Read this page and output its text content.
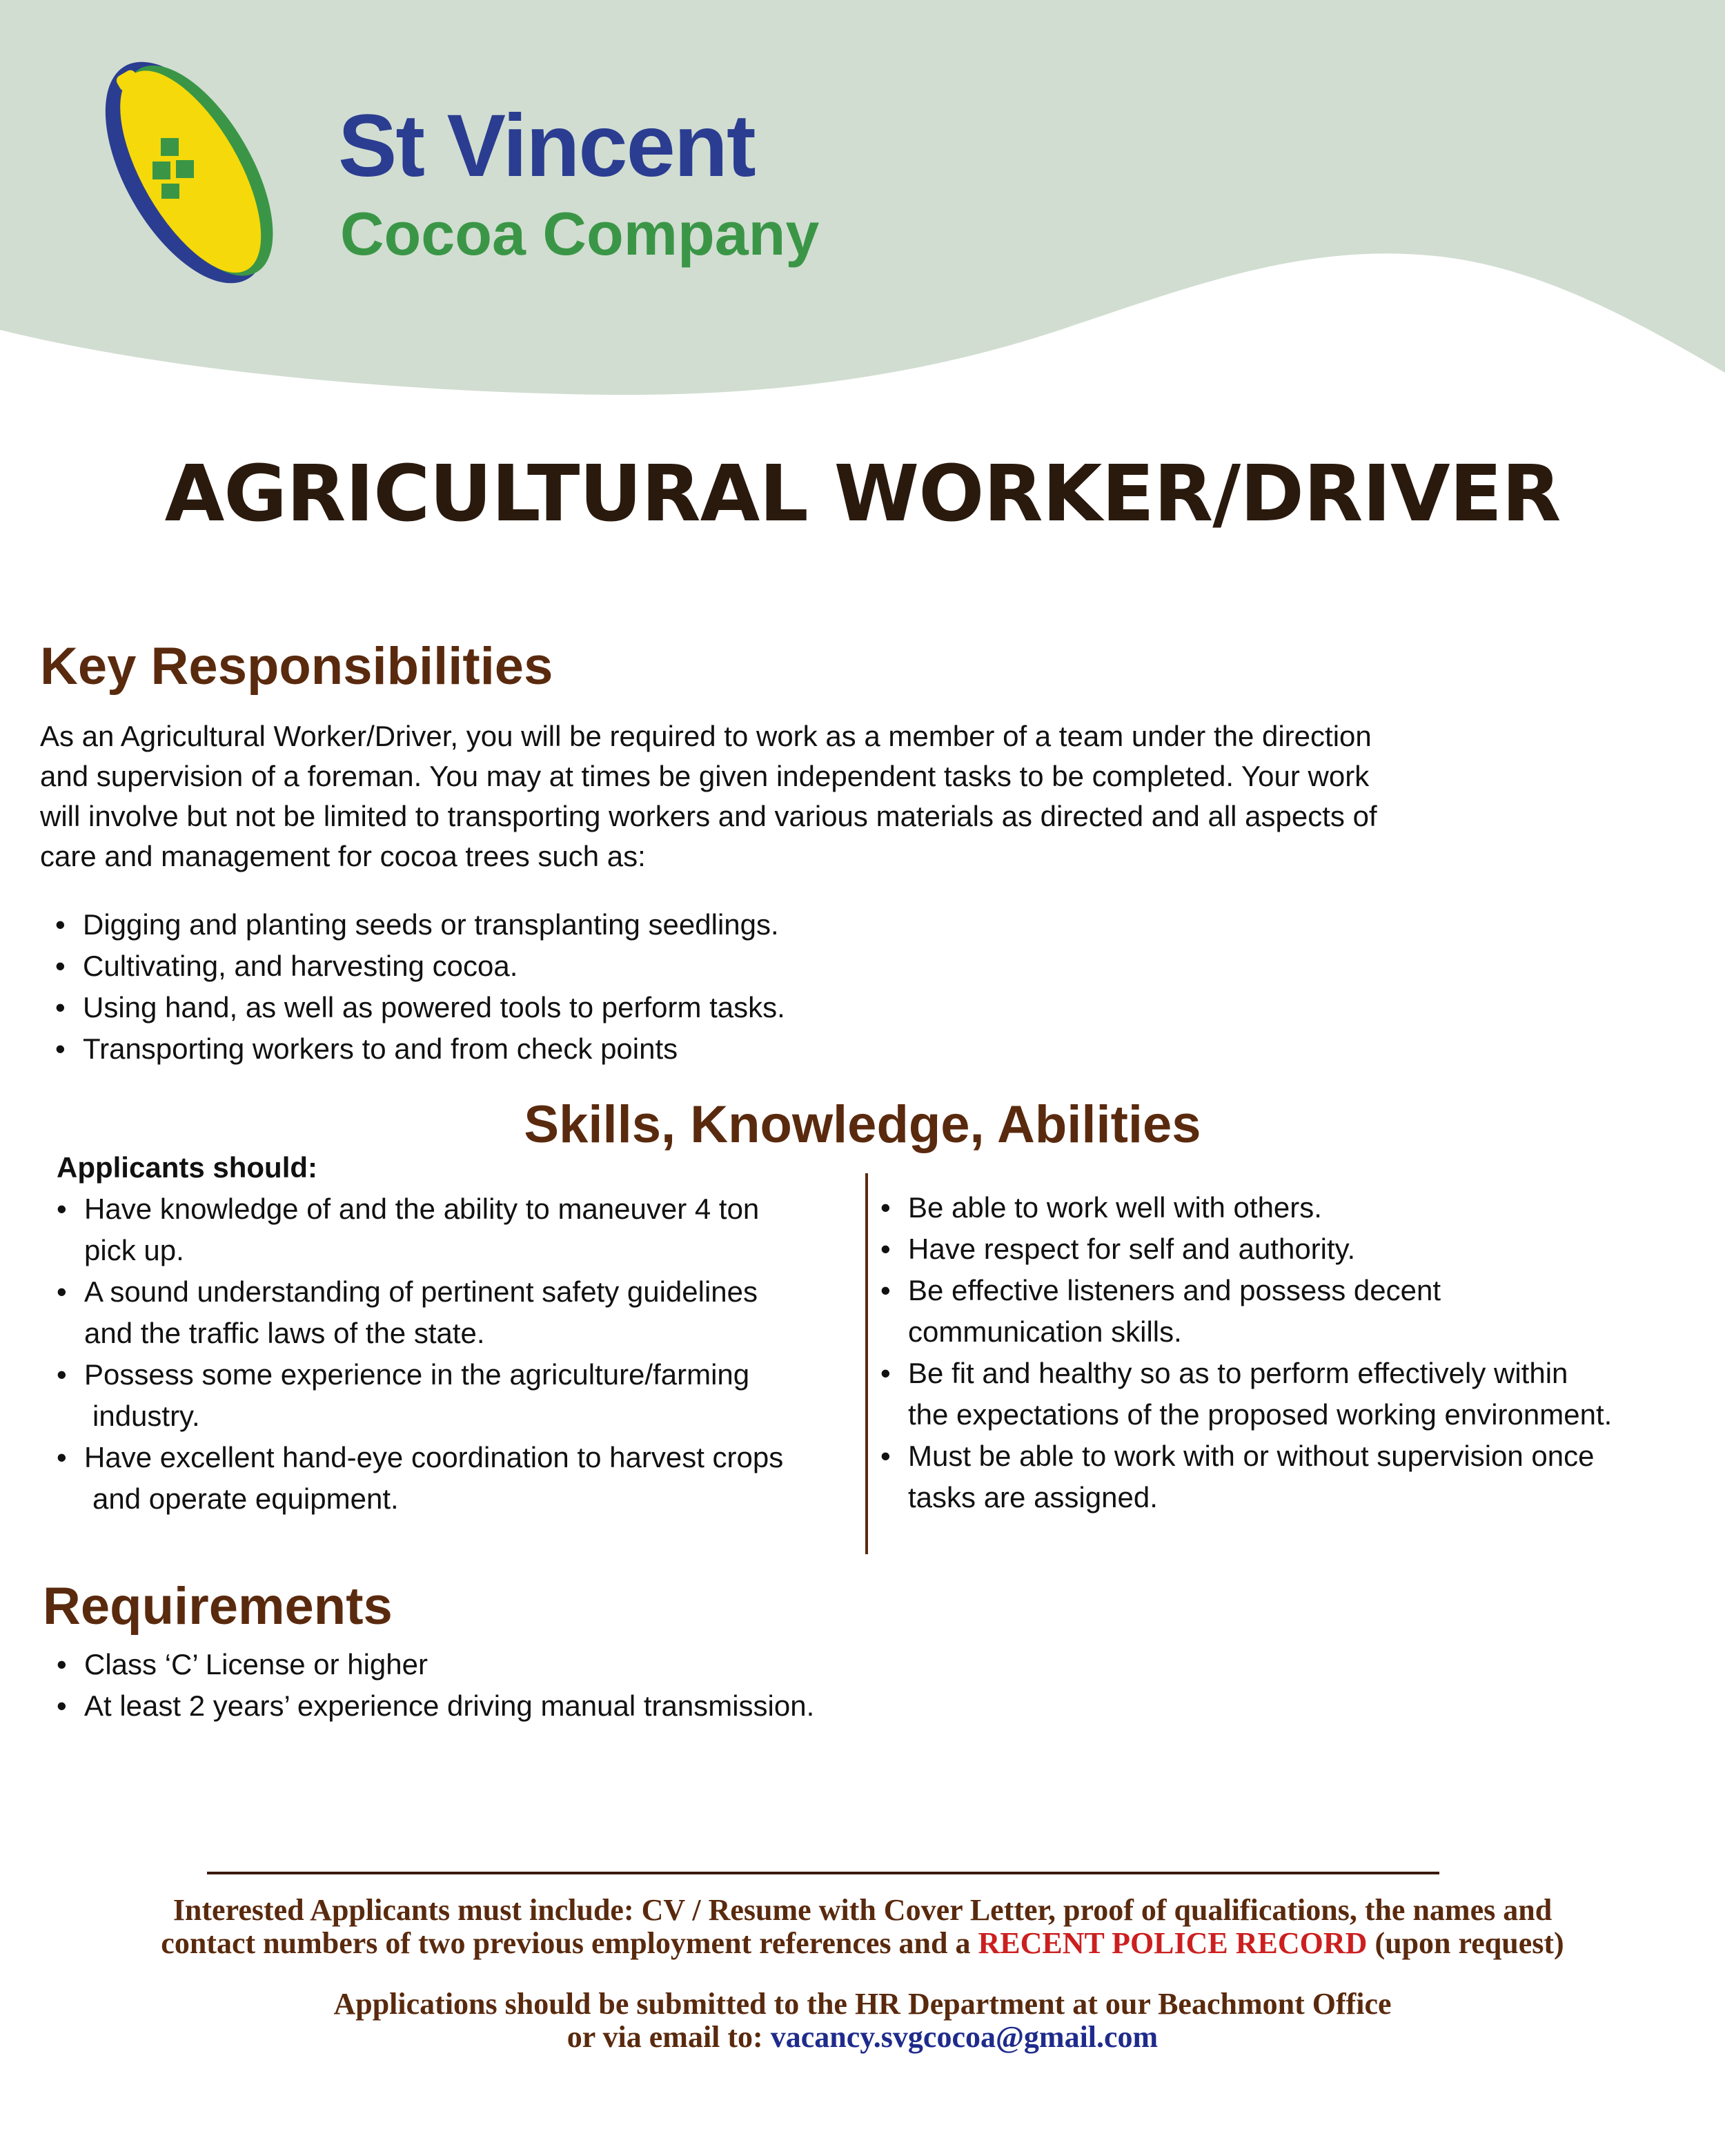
St Vincent
Cocoa Company
AGRICULTURAL WORKER/DRIVER
Key Responsibilities
As an Agricultural Worker/Driver, you will be required to work as a member of a team under the direction
and supervision of a foreman. You may at times be given independent tasks to be completed. Your work
will involve but not be limited to transporting workers and various materials as directed and all aspects of
care and management for cocoa trees such as:
• Digging and planting seeds or transplanting seedlings.
• Cultivating, and harvesting cocoa.
• Using hand, as well as powered tools to perform tasks.
• Transporting workers to and from check points
Skills, Knowledge, Abilities
Applicants should:
• Have knowledge of and the ability to maneuver 4 ton
pick up.
• A sound understanding of pertinent safety guidelines
and the traffic laws of the state.
• Possess some experience in the agriculture/farming
industry.
• Have excellent hand-eye coordination to harvest crops
and operate equipment.
• Be able to work well with others.
• Have respect for self and authority.
• Be effective listeners and possess decent
communication skills.
• Be fit and healthy so as to perform effectively within
the expectations of the proposed working environment.
• Must be able to work with or without supervision once
tasks are assigned.
Requirements
• Class ‘C’ License or higher
• At least 2 years’ experience driving manual transmission.
Interested Applicants must include: CV / Resume with Cover Letter, proof of qualifications, the names and
contact numbers of two previous employment references and a RECENT POLICE RECORD (upon request)
Applications should be submitted to the HR Department at our Beachmont Office
or via email to: vacancy.svgcocoa@gmail.com
